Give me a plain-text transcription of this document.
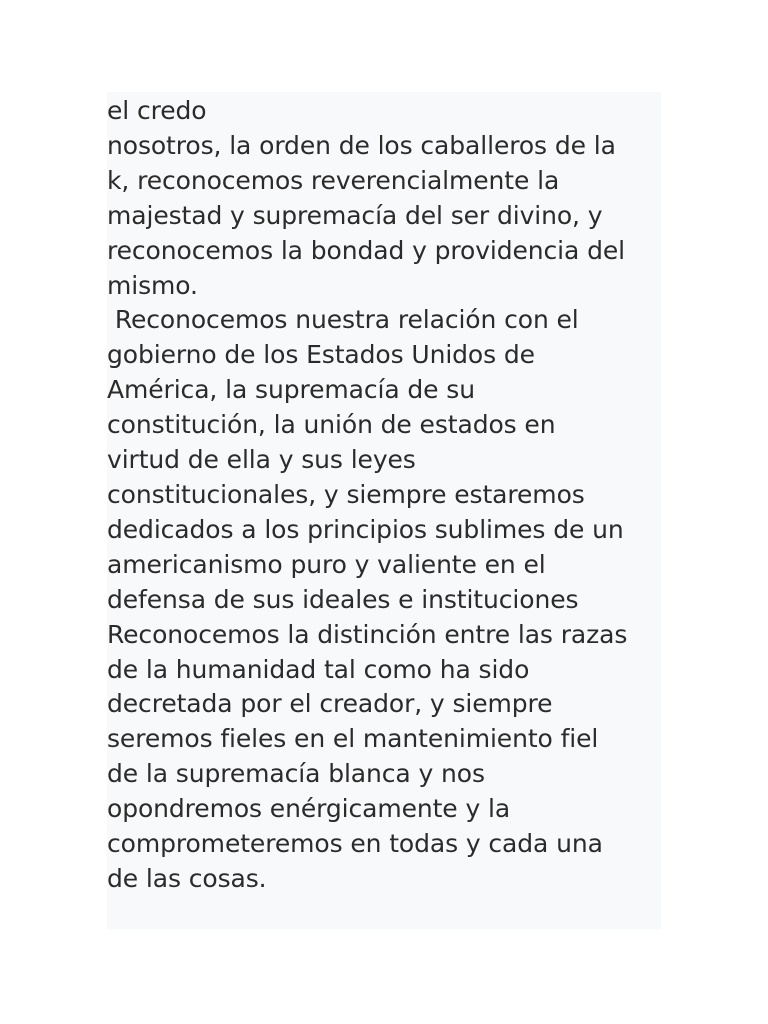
el credo
nosotros, la orden de los caballeros de la
k, reconocemos reverencialmente la
majestad y supremacía del ser divino, y
reconocemos la bondad y providencia del
mismo.
Reconocemos nuestra relación con el
gobierno de los Estados Unidos de
América, la supremacía de su
constitución, la unión de estados en
virtud de ella y sus leyes
constitucionales, y siempre estaremos
dedicados a los principios sublimes de un
americanismo puro y valiente en el
defensa de sus ideales e instituciones
Reconocemos la distinción entre las razas
de la humanidad tal como ha sido
decretada por el creador, y siempre
seremos fieles en el mantenimiento fiel
de la supremacía blanca y nos
opondremos enérgicamente y la
comprometeremos en todas y cada una
de las cosas.
